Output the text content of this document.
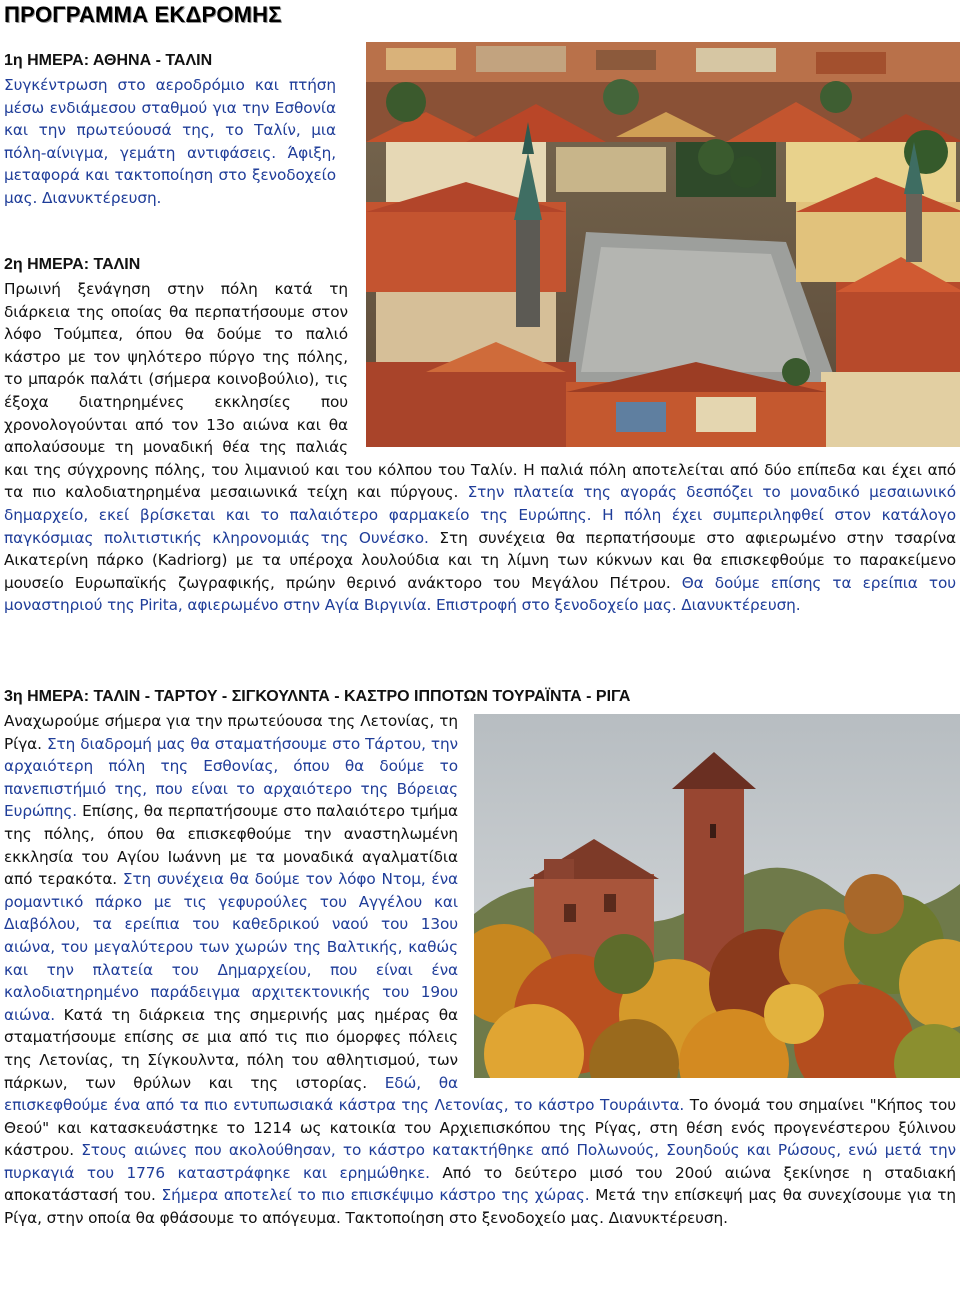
ΠΡΟΓΡΑΜΜΑ ΕΚΔΡΟΜΗΣ
1η ΗΜΕΡΑ: ΑΘΗΝΑ - ΤΑΛΙΝ

Συγκέντρωση στο αεροδρόμιο και πτήση μέσω ενδιάμεσου σταθμού για την Εσθονία και την πρωτεύουσά της, το Ταλίν, μια πόλη-αίνιγμα, γεμάτη αντιφάσεις. Άφιξη, μεταφορά και τακτοποίηση στο ξενοδοχείο μας. Διανυκτέρευση.

2η ΗΜΕΡΑ: ΤΑΛΙΝ

Πρωινή ξενάγηση στην πόλη κατά τη διάρκεια της οποίας θα περπατήσουμε στον λόφο Τούμπεα, όπου θα δούμε το παλιό κάστρο με τον ψηλότερο πύργο της πόλης, το μπαρόκ παλάτι (σήμερα κοινοβούλιο), τις έξοχα διατηρημένες εκκλησίες που χρονολογούνται από τον 13ο αιώνα και θα απολαύσουμε τη μοναδική θέα της παλιάς και της σύγχρονης πόλης, του λιμανιού και του κόλπου του Ταλίν. Η παλιά πόλη αποτελείται από δύο επίπεδα και έχει από τα πιο καλοδιατηρημένα μεσαιωνικά τείχη και πύργους. Στην πλατεία της αγοράς δεσπόζει το μοναδικό μεσαιωνικό δημαρχείο, εκεί βρίσκεται και το παλαιότερο φαρμακείο της Ευρώπης. Η πόλη έχει συμπεριληφθεί στον κατάλογο παγκόσμιας πολιτιστικής κληρονομιάς της Ουνέσκο. Στη συνέχεια θα περπατήσουμε στο αφιερωμένο στην τσαρίνα Αικατερίνη πάρκο (Kadriorg) με τα υπέροχα λουλούδια και τη λίμνη των κύκνων και θα επισκεφθούμε το παρακείμενο μουσείο Ευρωπαϊκής ζωγραφικής, πρώην θερινό ανάκτορο του Μεγάλου Πέτρου. Θα δούμε επίσης τα ερείπια του μοναστηριού της Pirita, αφιερωμένο στην Αγία Βιργινία. Επιστροφή στο ξενοδοχείο μας. Διανυκτέρευση.

3η ΗΜΕΡΑ: ΤΑΛΙΝ - ΤΑΡΤΟΥ - ΣΙΓΚΟΥΛΝΤΑ - ΚΑΣΤΡΟ ΙΠΠΟΤΩΝ ΤΟΥΡΑΪΝΤΑ - ΡΙΓΑ

Αναχωρούμε σήμερα για την πρωτεύουσα της Λετονίας, τη Ρίγα. Στη διαδρομή μας θα σταματήσουμε στο Τάρτου, την αρχαιότερη πόλη της Εσθονίας, όπου θα δούμε το πανεπιστήμιό της, που είναι το αρχαιότερο της Βόρειας Ευρώπης. Επίσης, θα περπατήσουμε στο παλαιότερο τμήμα της πόλης, όπου θα επισκεφθούμε την αναστηλωμένη εκκλησία του Αγίου Ιωάννη με τα μοναδικά αγαλματίδια από τερακότα. Στη συνέχεια θα δούμε τον λόφο Ντομ, ένα ρομαντικό πάρκο με τις γεφυρούλες του Αγγέλου και Διαβόλου, τα ερείπια του καθεδρικού ναού του 13ου αιώνα, του μεγαλύτερου των χωρών της Βαλτικής, καθώς και την πλατεία του Δημαρχείου, που είναι ένα καλοδιατηρημένο παράδειγμα αρχιτεκτονικής του 19ου αιώνα. Κατά τη διάρκεια της σημερινής μας ημέρας θα σταματήσουμε επίσης σε μια από τις πιο όμορφες πόλεις της Λετονίας, τη Σίγκουλντα, πόλη του αθλητισμού, των πάρκων, των θρύλων και της ιστορίας. Εδώ, θα επισκεφθούμε ένα από τα πιο εντυπωσιακά κάστρα της Λετονίας, το κάστρο Τουράιντα. Το όνομά του σημαίνει "Κήπος του Θεού" και κατασκευάστηκε το 1214 ως κατοικία του Αρχιεπισκόπου της Ρίγας, στη θέση ενός προγενέστερου ξύλινου κάστρου. Στους αιώνες που ακολούθησαν, το κάστρο κατακτήθηκε από Πολωνούς, Σουηδούς και Ρώσους, ενώ μετά την πυρκαγιά του 1776 καταστράφηκε και ερημώθηκε. Από το δεύτερο μισό του 20ού αιώνα ξεκίνησε η σταδιακή αποκατάστασή του. Σήμερα αποτελεί το πιο επισκέψιμο κάστρο της χώρας. Μετά την επίσκεψή μας θα συνεχίσουμε για τη Ρίγα, στην οποία θα φθάσουμε το απόγευμα. Τακτοποίηση στο ξενοδοχείο μας. Διανυκτέρευση.
